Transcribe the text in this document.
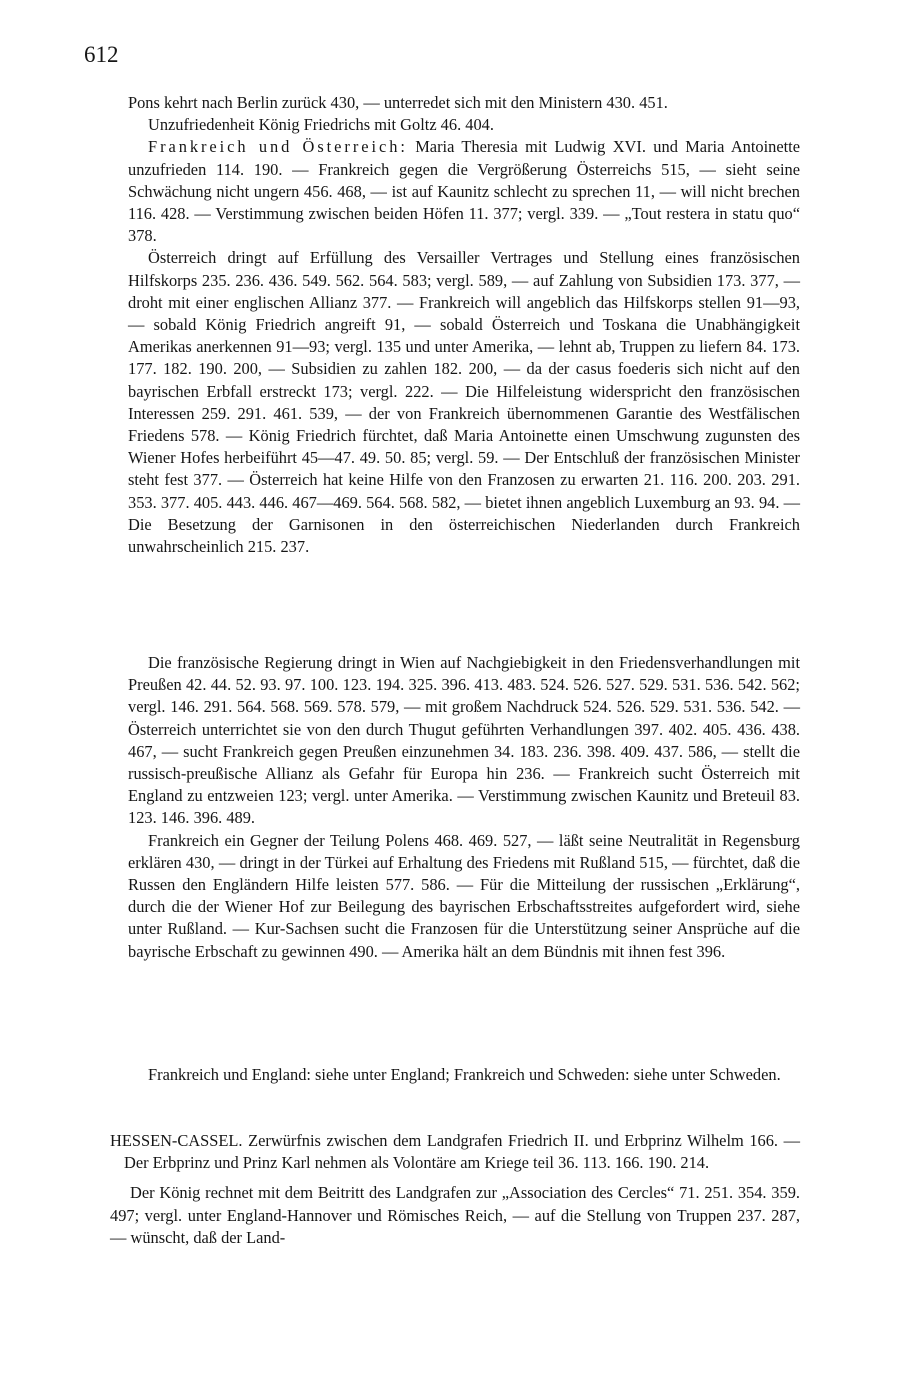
612

Pons kehrt nach Berlin zurück 430, — unterredet sich mit den Ministern 430. 451.

Unzufriedenheit König Friedrichs mit Goltz 46. 404.

Frankreich und Österreich: Maria Theresia mit Ludwig XVI. und Maria Antoinette unzufrieden 114. 190. — Frankreich gegen die Vergrößerung Österreichs 515, — sieht seine Schwächung nicht ungern 456. 468, — ist auf Kaunitz schlecht zu sprechen 11, — will nicht brechen 116. 428. — Verstimmung zwischen beiden Höfen 11. 377; vergl. 339. — „Tout restera in statu quo“ 378.

Österreich dringt auf Erfüllung des Versailler Vertrages und Stellung eines französischen Hilfskorps 235. 236. 436. 549. 562. 564. 583; vergl. 589, — auf Zahlung von Subsidien 173. 377, — droht mit einer englischen Allianz 377. — Frankreich will angeblich das Hilfskorps stellen 91—93, — sobald König Friedrich angreift 91, — sobald Österreich und Toskana die Unabhängigkeit Amerikas anerkennen 91—93; vergl. 135 und unter Amerika, — lehnt ab, Truppen zu liefern 84. 173. 177. 182. 190. 200, — Subsidien zu zahlen 182. 200, — da der casus foederis sich nicht auf den bayrischen Erbfall erstreckt 173; vergl. 222. — Die Hilfeleistung widerspricht den französischen Interessen 259. 291. 461. 539, — der von Frankreich übernommenen Garantie des Westfälischen Friedens 578. — König Friedrich fürchtet, daß Maria Antoinette einen Umschwung zugunsten des Wiener Hofes herbeiführt 45—47. 49. 50. 85; vergl. 59. — Der Entschluß der französischen Minister steht fest 377. — Österreich hat keine Hilfe von den Franzosen zu erwarten 21. 116. 200. 203. 291. 353. 377. 405. 443. 446. 467—469. 564. 568. 582, — bietet ihnen angeblich Luxemburg an 93. 94. — Die Besetzung der Garnisonen in den österreichischen Niederlanden durch Frankreich unwahrscheinlich 215. 237.

Die französische Regierung dringt in Wien auf Nachgiebigkeit in den Friedensverhandlungen mit Preußen 42. 44. 52. 93. 97. 100. 123. 194. 325. 396. 413. 483. 524. 526. 527. 529. 531. 536. 542. 562; vergl. 146. 291. 564. 568. 569. 578. 579, — mit großem Nachdruck 524. 526. 529. 531. 536. 542. — Österreich unterrichtet sie von den durch Thugut geführten Verhandlungen 397. 402. 405. 436. 438. 467, — sucht Frankreich gegen Preußen einzunehmen 34. 183. 236. 398. 409. 437. 586, — stellt die russisch-preußische Allianz als Gefahr für Europa hin 236. — Frankreich sucht Österreich mit England zu entzweien 123; vergl. unter Amerika. — Verstimmung zwischen Kaunitz und Breteuil 83. 123. 146. 396. 489.

Frankreich ein Gegner der Teilung Polens 468. 469. 527, — läßt seine Neutralität in Regensburg erklären 430, — dringt in der Türkei auf Erhaltung des Friedens mit Rußland 515, — fürchtet, daß die Russen den Engländern Hilfe leisten 577. 586. — Für die Mitteilung der russischen „Erklärung“, durch die der Wiener Hof zur Beilegung des bayrischen Erbschaftsstreites aufgefordert wird, siehe unter Rußland. — Kur-Sachsen sucht die Franzosen für die Unterstützung seiner Ansprüche auf die bayrische Erbschaft zu gewinnen 490. — Amerika hält an dem Bündnis mit ihnen fest 396.

Frankreich und England: siehe unter England; Frankreich und Schweden: siehe unter Schweden.

HESSEN-CASSEL. Zerwürfnis zwischen dem Landgrafen Friedrich II. und Erbprinz Wilhelm 166. — Der Erbprinz und Prinz Karl nehmen als Volontäre am Kriege teil 36. 113. 166. 190. 214.

Der König rechnet mit dem Beitritt des Landgrafen zur „Association des Cercles“ 71. 251. 354. 359. 497; vergl. unter England-Hannover und Römisches Reich, — auf die Stellung von Truppen 237. 287, — wünscht, daß der Land-
